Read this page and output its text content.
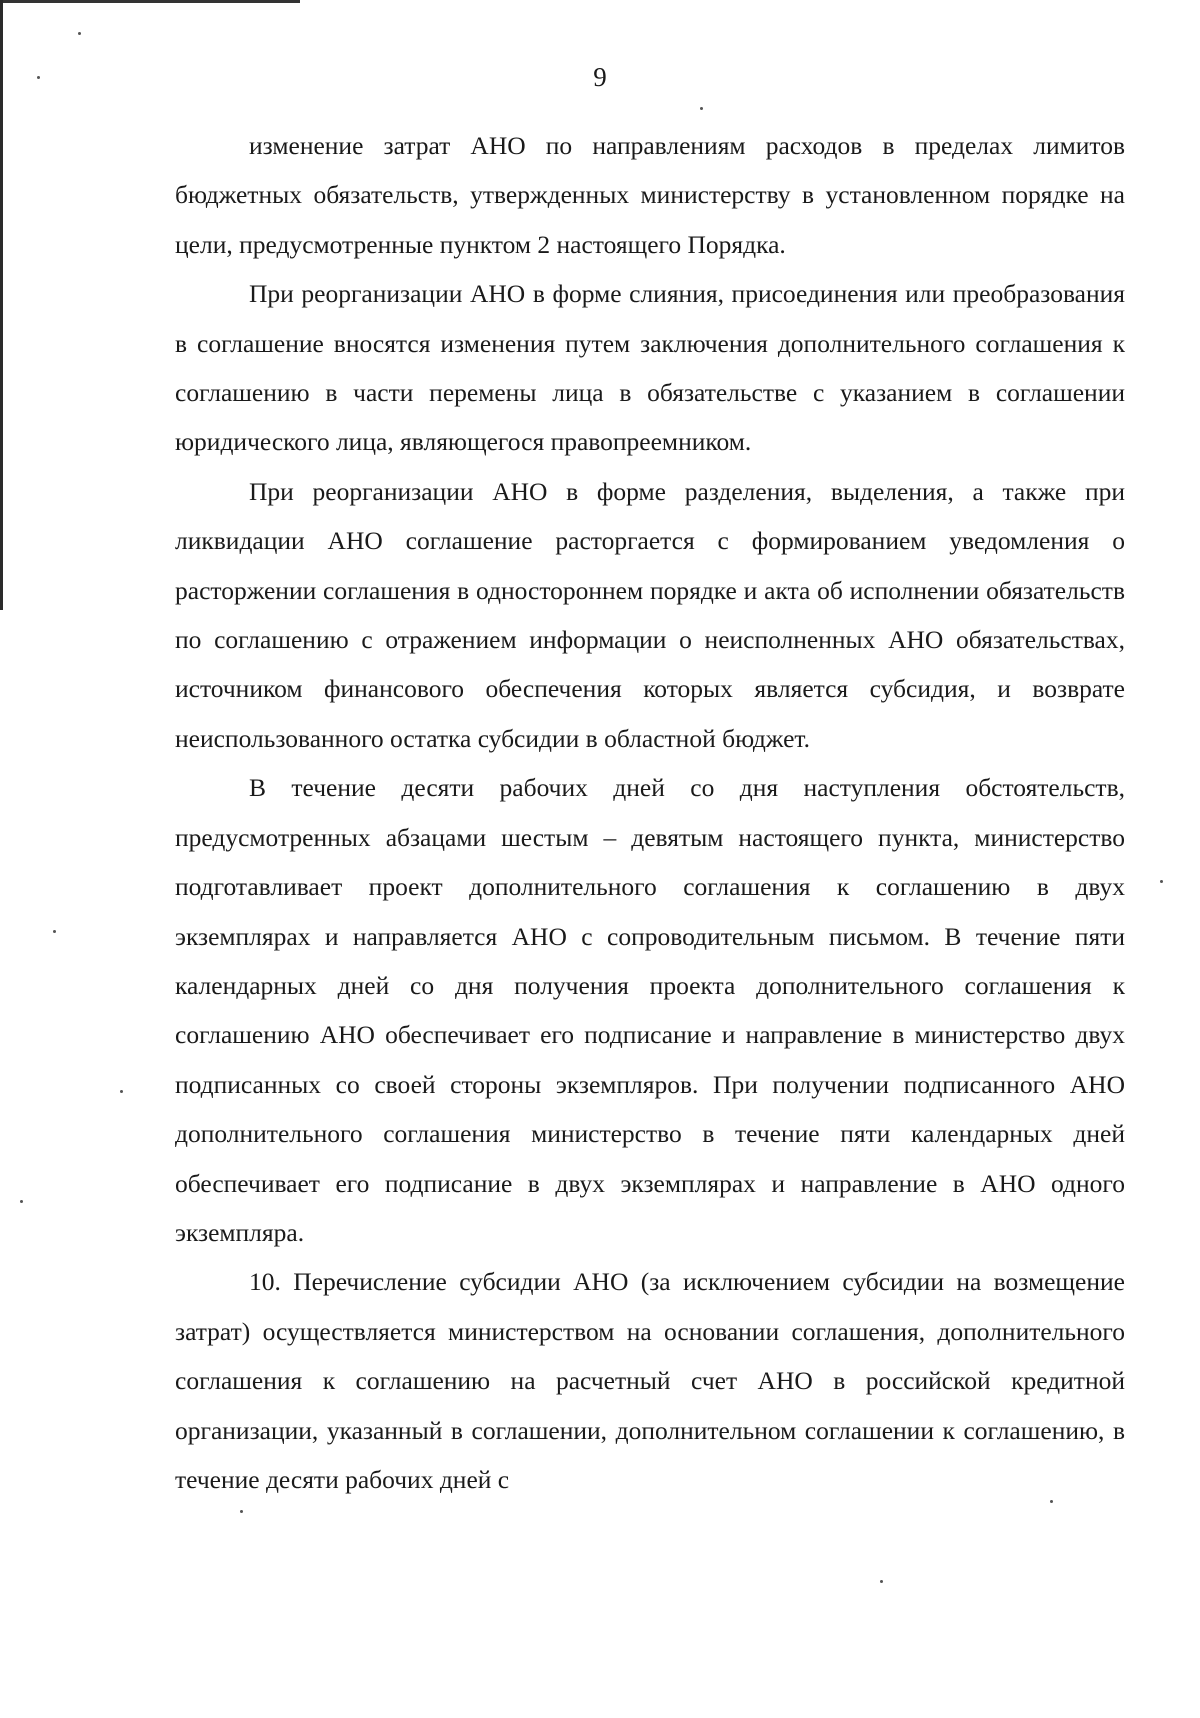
9

изменение затрат АНО по направлениям расходов в пределах лимитов бюджетных обязательств, утвержденных министерству в установленном порядке на цели, предусмотренные пунктом 2 настоящего Порядка.

При реорганизации АНО в форме слияния, присоединения или преобразования в соглашение вносятся изменения путем заключения дополнительного соглашения к соглашению в части перемены лица в обязательстве с указанием в соглашении юридического лица, являющегося правопреемником.

При реорганизации АНО в форме разделения, выделения, а также при ликвидации АНО соглашение расторгается с формированием уведомления о расторжении соглашения в одностороннем порядке и акта об исполнении обязательств по соглашению с отражением информации о неисполненных АНО обязательствах, источником финансового обеспечения которых является субсидия, и возврате неиспользованного остатка субсидии в областной бюджет.

В течение десяти рабочих дней со дня наступления обстоятельств, предусмотренных абзацами шестым – девятым настоящего пункта, министерство подготавливает проект дополнительного соглашения к соглашению в двух экземплярах и направляется АНО с сопроводительным письмом. В течение пяти календарных дней со дня получения проекта дополнительного соглашения к соглашению АНО обеспечивает его подписание и направление в министерство двух подписанных со своей стороны экземпляров. При получении подписанного АНО дополнительного соглашения министерство в течение пяти календарных дней обеспечивает его подписание в двух экземплярах и направление в АНО одного экземпляра.

10. Перечисление субсидии АНО (за исключением субсидии на возмещение затрат) осуществляется министерством на основании соглашения, дополнительного соглашения к соглашению на расчетный счет АНО в российской кредитной организации, указанный в соглашении, дополнительном соглашении к соглашению, в течение десяти рабочих дней с
